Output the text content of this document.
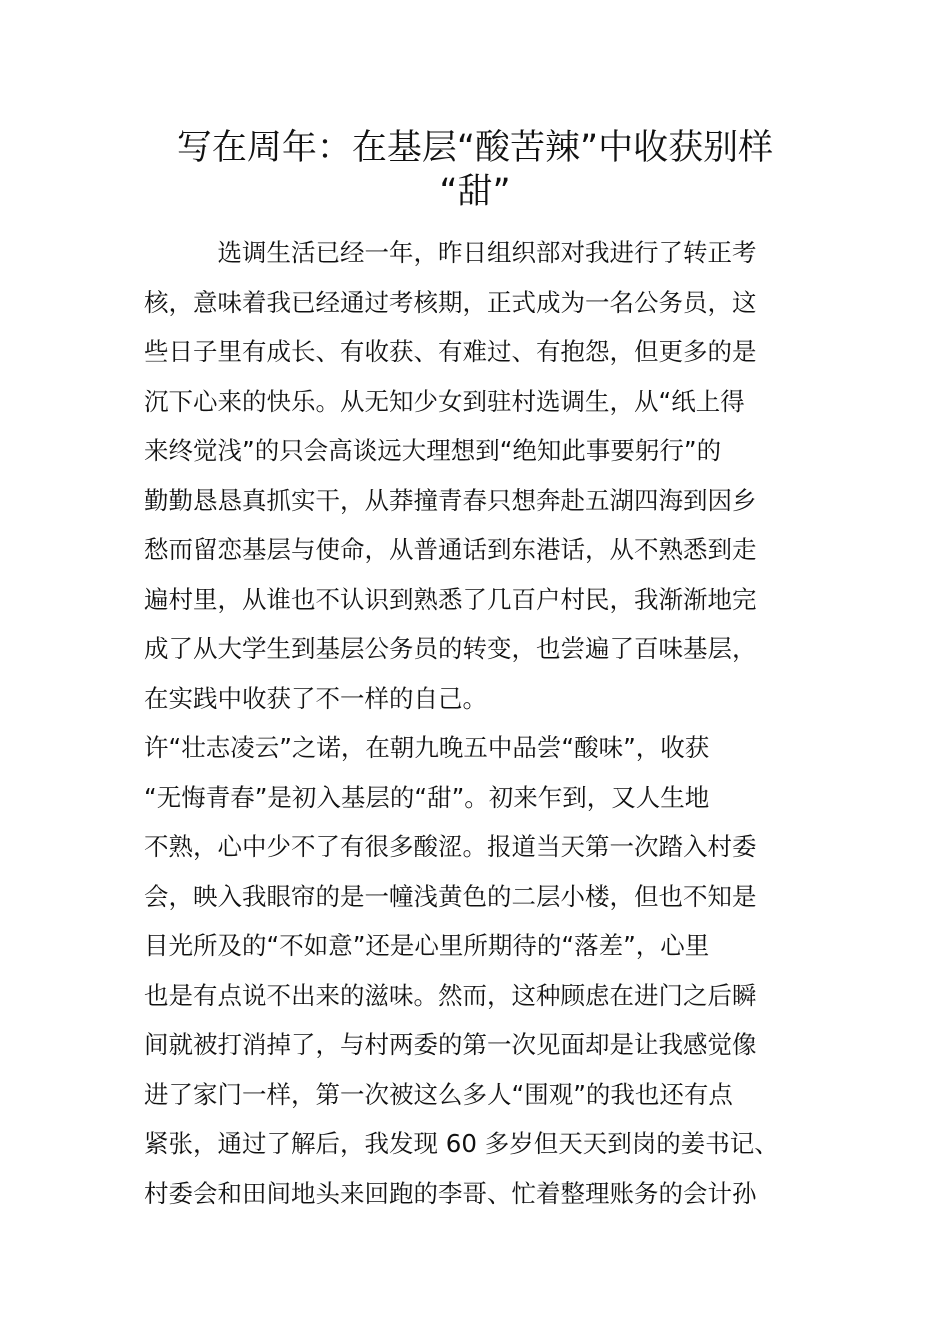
写在周年：在基层“酸苦辣”中收获别样
“甜”
　　　选调生活已经一年，昨日组织部对我进行了转正考
核，意味着我已经通过考核期，正式成为一名公务员，这
些日子里有成长、有收获、有难过、有抱怨，但更多的是
沉下心来的快乐。从无知少女到驻村选调生，从“纸上得
来终觉浅”的只会高谈远大理想到“绝知此事要躬行”的
勤勤恳恳真抓实干，从莽撞青春只想奔赴五湖四海到因乡
愁而留恋基层与使命，从普通话到东港话，从不熟悉到走
遍村里，从谁也不认识到熟悉了几百户村民，我渐渐地完
成了从大学生到基层公务员的转变，也尝遍了百味基层，
在实践中收获了不一样的自己。
许“壮志凌云”之诺，在朝九晚五中品尝“酸味”，收获
“无悔青春”是初入基层的“甜”。初来乍到，又人生地
不熟，心中少不了有很多酸涩。报道当天第一次踏入村委
会，映入我眼帘的是一幢浅黄色的二层小楼，但也不知是
目光所及的“不如意”还是心里所期待的“落差”，心里
也是有点说不出来的滋味。然而，这种顾虑在进门之后瞬
间就被打消掉了，与村两委的第一次见面却是让我感觉像
进了家门一样，第一次被这么多人“围观”的我也还有点
紧张，通过了解后，我发现 60 多岁但天天到岗的姜书记、
村委会和田间地头来回跑的李哥、忙着整理账务的会计孙
